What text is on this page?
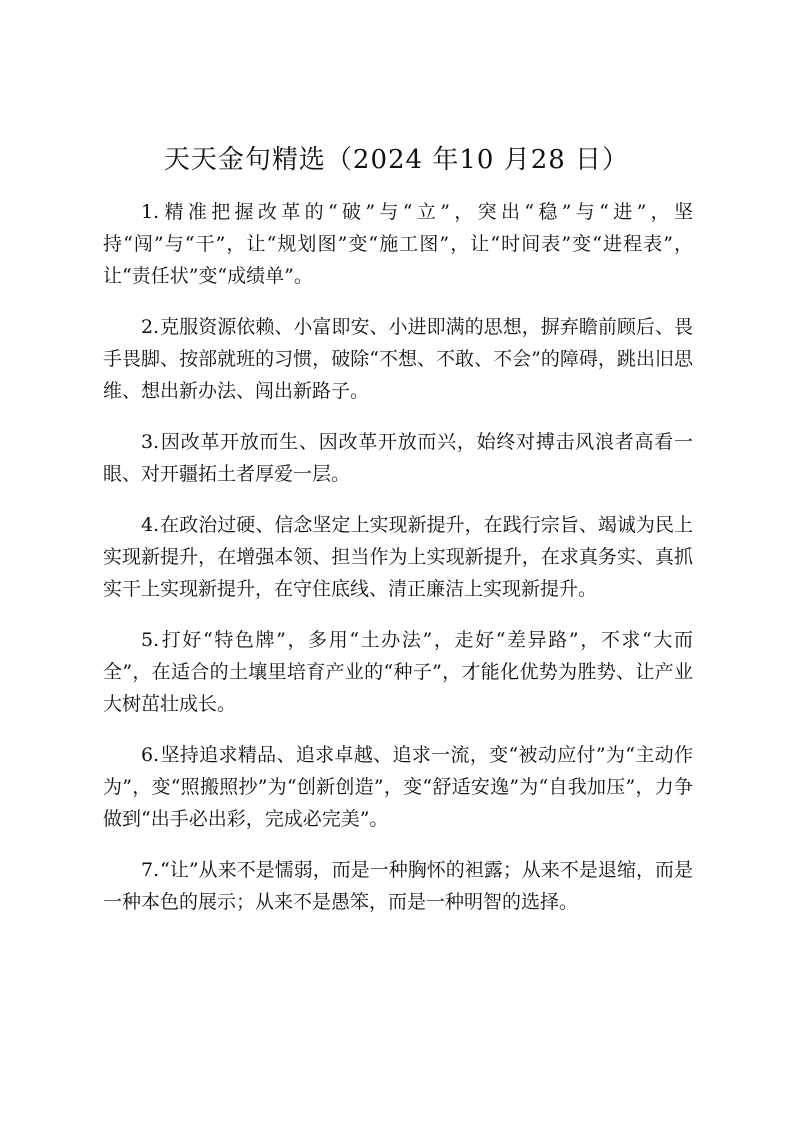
天天金句精选（2024 年10 月28 日）

1.精准把握改革的“破”与“立”，突出“稳”与“进”，坚持“闯”与“干”，让“规划图”变“施工图”，让“时间表”变“进程表”，让“责任状”变“成绩单”。

2.克服资源依赖、小富即安、小进即满的思想，摒弃瞻前顾后、畏手畏脚、按部就班的习惯，破除“不想、不敢、不会”的障碍，跳出旧思维、想出新办法、闯出新路子。

3.因改革开放而生、因改革开放而兴，始终对搏击风浪者高看一眼、对开疆拓土者厚爱一层。

4.在政治过硬、信念坚定上实现新提升，在践行宗旨、竭诚为民上实现新提升，在增强本领、担当作为上实现新提升，在求真务实、真抓实干上实现新提升，在守住底线、清正廉洁上实现新提升。

5.打好“特色牌”，多用“土办法”，走好“差异路”，不求“大而全”，在适合的土壤里培育产业的“种子”，才能化优势为胜势、让产业大树茁壮成长。

6.坚持追求精品、追求卓越、追求一流，变“被动应付”为“主动作为”，变“照搬照抄”为“创新创造”，变“舒适安逸”为“自我加压”，力争做到“出手必出彩，完成必完美”。

7.“让”从来不是懦弱，而是一种胸怀的袒露；从来不是退缩，而是一种本色的展示；从来不是愚笨，而是一种明智的选择。
